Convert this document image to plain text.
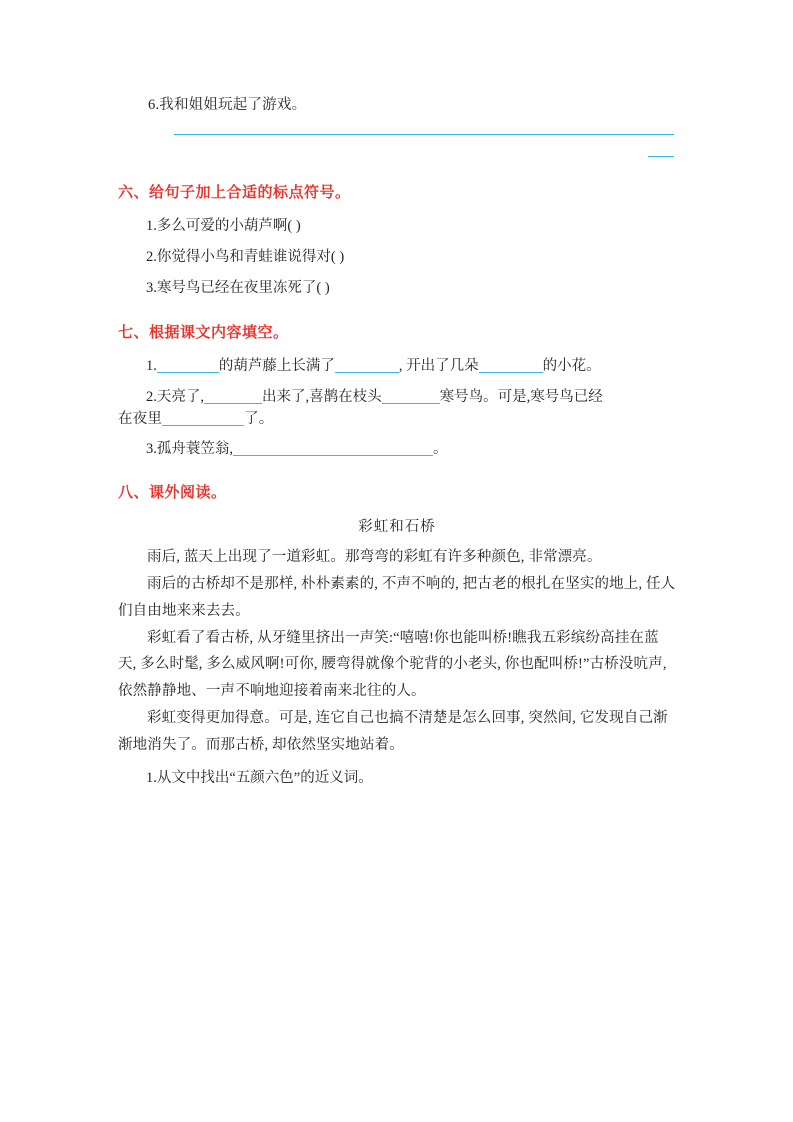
6.我和姐姐玩起了游戏。
六、给句子加上合适的标点符号。
1.多么可爱的小葫芦啊( )
2.你觉得小鸟和青蛙谁说得对( )
3.寒号鸟已经在夜里冻死了( )
七、根据课文内容填空。
1.	的葫芦藤上长满了	, 开出了几朵	的小花。
2.天亮了,	出来了,喜鹊在枝头	寒号鸟。可是,寒号鸟已经
在夜里	了。
3.孤舟蓑笠翁,	。
八、课外阅读。
彩虹和石桥
雨后, 蓝天上出现了一道彩虹。那弯弯的彩虹有许多种颜色, 非常漂亮。
雨后的古桥却不是那样, 朴朴素素的, 不声不响的, 把古老的根扎在坚实的地上, 任人们自由地来来去去。
彩虹看了看古桥, 从牙缝里挤出一声笑:“嘻嘻!你也能叫桥!瞧我五彩缤纷高挂在蓝天, 多么时髦, 多么威风啊!可你, 腰弯得就像个驼背的小老头, 你也配叫桥!”古桥没吭声, 依然静静地、一声不响地迎接着南来北往的人。
彩虹变得更加得意。可是, 连它自己也搞不清楚是怎么回事, 突然间, 它发现自己渐渐地消失了。而那古桥, 却依然坚实地站着。
1.从文中找出“五颜六色”的近义词。
